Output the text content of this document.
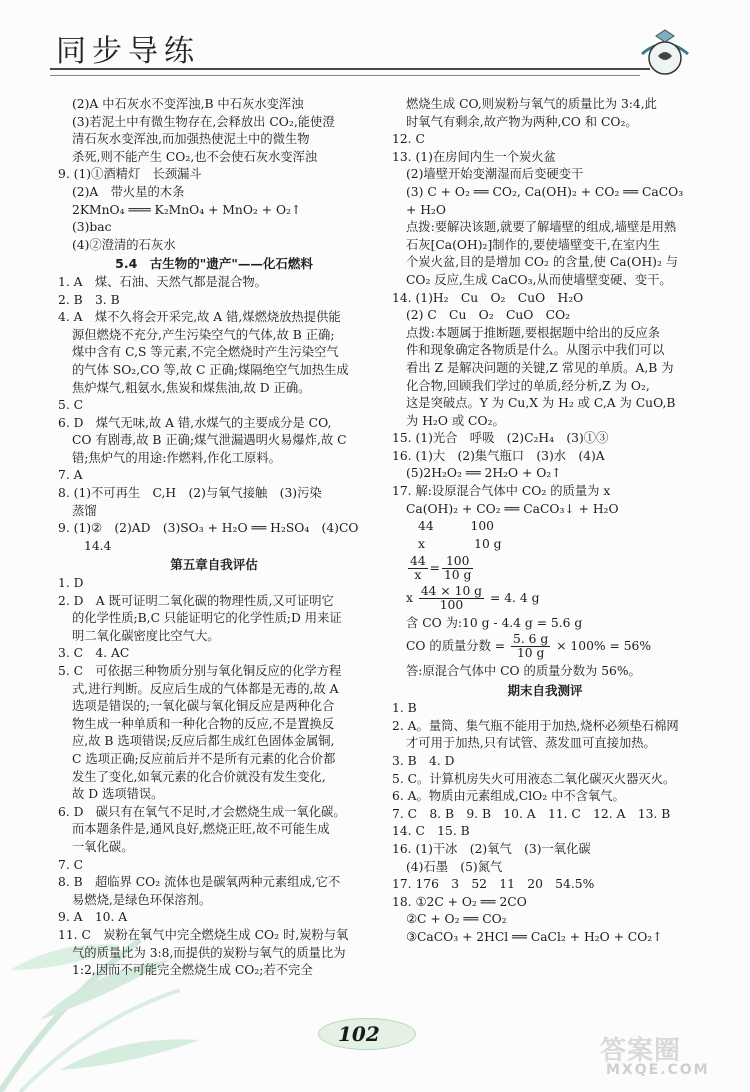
同步导练
(2)A 中石灰水不变浑浊,B 中石灰水变浑浊
(3)若泥土中有微生物存在,会释放出 CO₂,能使澄
清石灰水变浑浊,而加强热使泥土中的微生物
杀死,则不能产生 CO₂,也不会使石灰水变浑浊
9. (1)①酒精灯　长颈漏斗
(2)A　带火星的木条
2KMnO₄ ═══ K₂MnO₄ + MnO₂ + O₂↑
(3)bac
(4)②澄清的石灰水
5.4　古生物的"遗产"——化石燃料
1. A　煤、石油、天然气都是混合物。
2. B　3. B
4. A　煤不久将会开采完,故 A 错,煤燃烧放热提供能
源但燃烧不充分,产生污染空气的气体,故 B 正确;
煤中含有 C,S 等元素,不完全燃烧时产生污染空气
的气体 SO₂,CO 等,故 C 正确;煤隔绝空气加热生成
焦炉煤气,粗氨水,焦炭和煤焦油,故 D 正确。
5. C
6. D　煤气无味,故 A 错,水煤气的主要成分是 CO,
CO 有剧毒,故 B 正确;煤气泄漏遇明火易爆炸,故 C
错;焦炉气的用途:作燃料,作化工原料。
7. A
8. (1)不可再生　C,H　(2)与氧气接触　(3)污染
蒸馏
9. (1)②　(2)AD　(3)SO₃ + H₂O ══ H₂SO₄　(4)CO
14.4
第五章自我评估
1. D
2. D　A 既可证明二氧化碳的物理性质,又可证明它
的化学性质;B,C 只能证明它的化学性质;D 用来证
明二氧化碳密度比空气大。
3. C　4. AC
5. C　可依据三种物质分别与氧化铜反应的化学方程
式,进行判断。反应后生成的气体都是无毒的,故 A
选项是错误的;一氧化碳与氧化铜反应是两种化合
物生成一种单质和一种化合物的反应,不是置换反
应,故 B 选项错误;反应后都生成红色固体金属铜,
C 选项正确;反应前后并不是所有元素的化合价都
发生了变化,如氧元素的化合价就没有发生变化,
故 D 选项错误。
6. D　碳只有在氧气不足时,才会燃烧生成一氧化碳。
而本题条件是,通风良好,燃烧正旺,故不可能生成
一氧化碳。
7. C
8. B　超临界 CO₂ 流体也是碳氧两种元素组成,它不
易燃烧,是绿色环保溶剂。
9. A　10. A
11. C　炭粉在氧气中完全燃烧生成 CO₂ 时,炭粉与氧
气的质量比为 3:8,而提供的炭粉与氧气的质量比为
1:2,因而不可能完全燃烧生成 CO₂;若不完全
燃烧生成 CO,则炭粉与氧气的质量比为 3:4,此
时氧气有剩余,故产物为两种,CO 和 CO₂。
12. C
13. (1)在房间内生一个炭火盆
(2)墙壁开始变潮湿而后变硬变干
(3) C + O₂ ══ CO₂, Ca(OH)₂ + CO₂ ══ CaCO₃
+ H₂O
点拨:要解决该题,就要了解墙壁的组成,墙壁是用熟
石灰[Ca(OH)₂]制作的,要使墙壁变干,在室内生
个炭火盆,目的是增加 CO₂ 的含量,使 Ca(OH)₂ 与
CO₂ 反应,生成 CaCO₃,从而使墙壁变硬、变干。
14. (1)H₂　Cu　O₂　CuO　H₂O
(2) C　Cu　O₂　CuO　CO₂
点拨:本题属于推断题,要根据题中给出的反应条
件和现象确定各物质是什么。从图示中我们可以
看出 Z 是解决问题的关键,Z 常见的单质。A,B 为
化合物,回顾我们学过的单质,经分析,Z 为 O₂,
这是突破点。Y 为 Cu,X 为 H₂ 或 C,A 为 CuO,B
为 H₂O 或 CO₂。
15. (1)光合　呼吸　(2)C₂H₄　(3)①③
16. (1)大　(2)集气瓶口　(3)水　(4)A
(5)2H₂O₂ ══ 2H₂O + O₂↑
17. 解:设原混合气体中 CO₂ 的质量为 x
Ca(OH)₂ + CO₂ ══ CaCO₃↓ + H₂O
44　　　100
x　　　　10 g
$\frac{44}{x} = \frac{100}{10 g}$
x $\frac{44 \times 10 g}{100} = 4$. 4 g
含 CO 为:10 g - 4.4 g = 5.6 g
CO 的质量分数 = $\frac{5. 6 g}{10 g} \times 100\% = 56\%$
答:原混合气体中 CO 的质量分数为 56%。
期末自我测评
1. B
2. A。量筒、集气瓶不能用于加热,烧杯必须垫石棉网
才可用于加热,只有试管、蒸发皿可直接加热。
3. B　4. D
5. C。计算机房失火可用液态二氧化碳灭火器灭火。
6. A。物质由元素组成,ClO₂ 中不含氧气。
7. C　8. B　9. B　10. A　11. C　12. A　13. B
14. C　15. B
16. (1)干冰　(2)氧气　(3)一氧化碳
(4)石墨　(5)氮气
17. 176　3　52　11　20　54.5%
18. ①2C + O₂ ══ 2CO
②C + O₂ ══ CO₂
③CaCO₃ + 2HCl ══ CaCl₂ + H₂O + CO₂↑
102
答案圈
MXQE.COM
